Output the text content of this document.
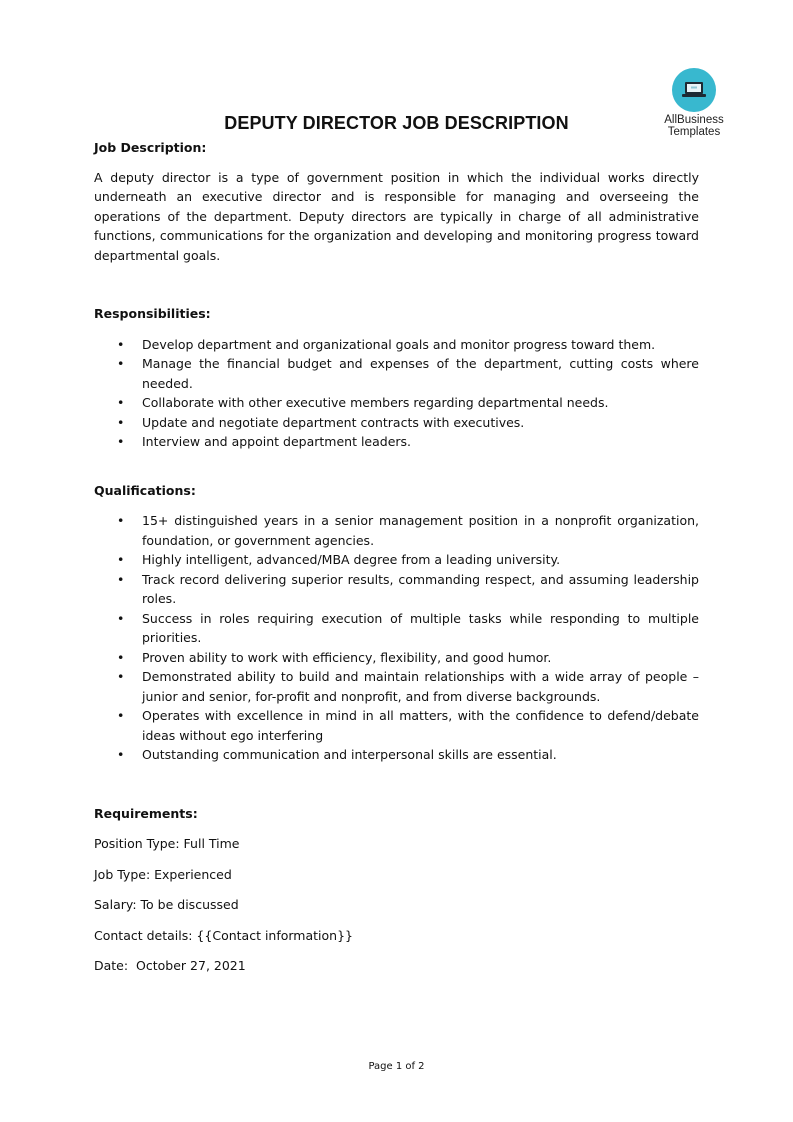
AllBusiness
Templates
DEPUTY DIRECTOR JOB DESCRIPTION

Job Description:

A deputy director is a type of government position in which the individual works directly underneath an executive director and is responsible for managing and overseeing the operations of the department. Deputy directors are typically in charge of all administrative functions, communications for the organization and developing and monitoring progress toward departmental goals.

Responsibilities:

• Develop department and organizational goals and monitor progress toward them.
• Manage the financial budget and expenses of the department, cutting costs where needed.
• Collaborate with other executive members regarding departmental needs.
• Update and negotiate department contracts with executives.
• Interview and appoint department leaders.

Qualifications:

• 15+ distinguished years in a senior management position in a nonprofit organization, foundation, or government agencies.
• Highly intelligent, advanced/MBA degree from a leading university.
• Track record delivering superior results, commanding respect, and assuming leadership roles.
• Success in roles requiring execution of multiple tasks while responding to multiple priorities.
• Proven ability to work with efficiency, flexibility, and good humor.
• Demonstrated ability to build and maintain relationships with a wide array of people – junior and senior, for-profit and nonprofit, and from diverse backgrounds.
• Operates with excellence in mind in all matters, with the confidence to defend/debate ideas without ego interfering
• Outstanding communication and interpersonal skills are essential.

Requirements:

Position Type: Full Time

Job Type: Experienced

Salary: To be discussed

Contact details: {{Contact information}}

Date:  October 27, 2021

Page 1 of 2
